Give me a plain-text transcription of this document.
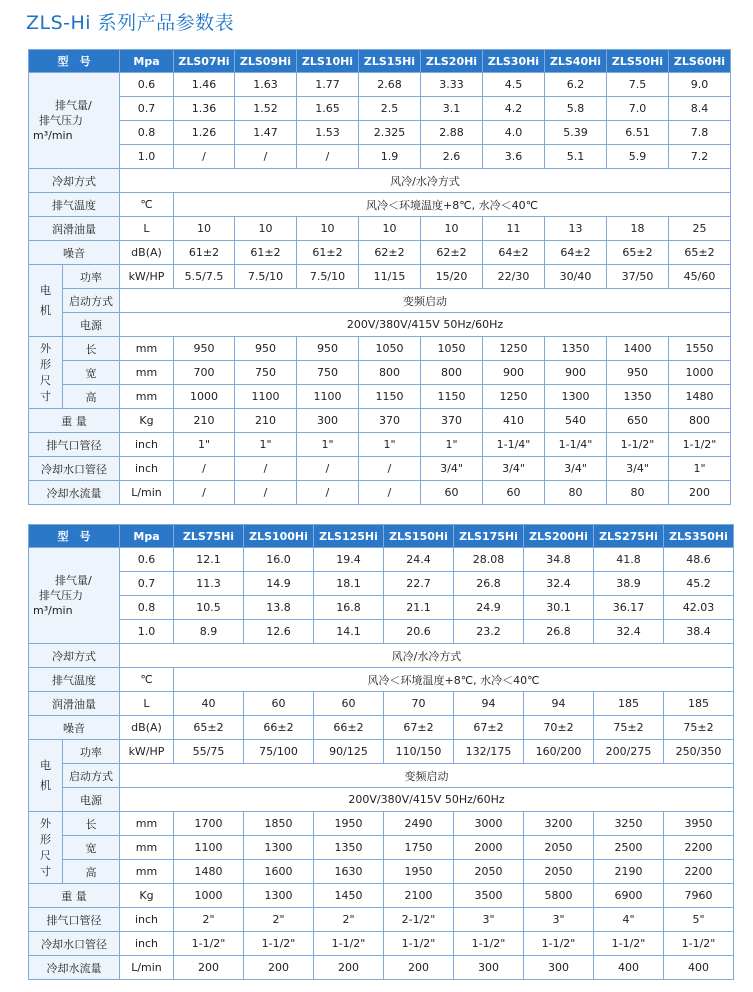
ZLS-Hi 系列产品参数表
型　号		Mpa	ZLS07Hi	ZLS09Hi	ZLS10Hi	ZLS15Hi	ZLS20Hi	ZLS30Hi	ZLS40Hi	ZLS50Hi	ZLS60Hi

排气量/
排气压力
m³/min		0.6	1.46	1.63	1.77	2.68	3.33	4.5	6.2	7.5	9.0
		0.7	1.36	1.52	1.65	2.5	3.1	4.2	5.8	7.0	8.4
		0.8	1.26	1.47	1.53	2.325	2.88	4.0	5.39	6.51	7.8
		1.0	/	/	/	1.9	2.6	3.6	5.1	5.9	7.2
冷却方式		风冷/水冷方式									
排气温度		℃	风冷＜环境温度+8℃, 水冷＜40℃								
润滑油量		L	10	10	10	10	10	11	13	18	25
噪音		dB(A)	61±2	61±2	61±2	62±2	62±2	64±2	64±2	65±2	65±2

电
机	功率	kW/HP	5.5/7.5	7.5/10	7.5/10	11/15	15/20	22/30	30/40	37/50	45/60
	启动方式	变频启动									
	电源	200V/380V/415V 50Hz/60Hz									

外
形
尺
寸	长	mm	950	950	950	1050	1050	1250	1350	1400	1550
	宽	mm	700	750	750	800	800	900	900	950	1000
	高	mm	1000	1100	1100	1150	1150	1250	1300	1350	1480
重 量		Kg	210	210	300	370	370	410	540	650	800
排气口管径		inch	1"	1"	1"	1"	1"	1-1/4"	1-1/4"	1-1/2"	1-1/2"
冷却水口管径		inch	/	/	/	/	3/4"	3/4"	3/4"	3/4"	1"
冷却水流量		L/min	/	/	/	/	60	60	80	80	200
型　号		Mpa	ZLS75Hi	ZLS100Hi	ZLS125Hi	ZLS150Hi	ZLS175Hi	ZLS200Hi	ZLS275Hi	ZLS350Hi

排气量/
排气压力
m³/min		0.6	12.1	16.0	19.4	24.4	28.08	34.8	41.8	48.6
		0.7	11.3	14.9	18.1	22.7	26.8	32.4	38.9	45.2
		0.8	10.5	13.8	16.8	21.1	24.9	30.1	36.17	42.03
		1.0	8.9	12.6	14.1	20.6	23.2	26.8	32.4	38.4
冷却方式		风冷/水冷方式								
排气温度		℃	风冷＜环境温度+8℃, 水冷＜40℃							
润滑油量		L	40	60	60	70	94	94	185	185
噪音		dB(A)	65±2	66±2	66±2	67±2	67±2	70±2	75±2	75±2

电
机	功率	kW/HP	55/75	75/100	90/125	110/150	132/175	160/200	200/275	250/350
	启动方式	变频启动								
	电源	200V/380V/415V 50Hz/60Hz								

外
形
尺
寸	长	mm	1700	1850	1950	2490	3000	3200	3250	3950
	宽	mm	1100	1300	1350	1750	2000	2050	2500	2200
	高	mm	1480	1600	1630	1950	2050	2050	2190	2200
重 量		Kg	1000	1300	1450	2100	3500	5800	6900	7960
排气口管径		inch	2"	2"	2"	2-1/2"	3"	3"	4"	5"
冷却水口管径		inch	1-1/2"	1-1/2"	1-1/2"	1-1/2"	1-1/2"	1-1/2"	1-1/2"	1-1/2"
冷却水流量		L/min	200	200	200	200	300	300	400	400
